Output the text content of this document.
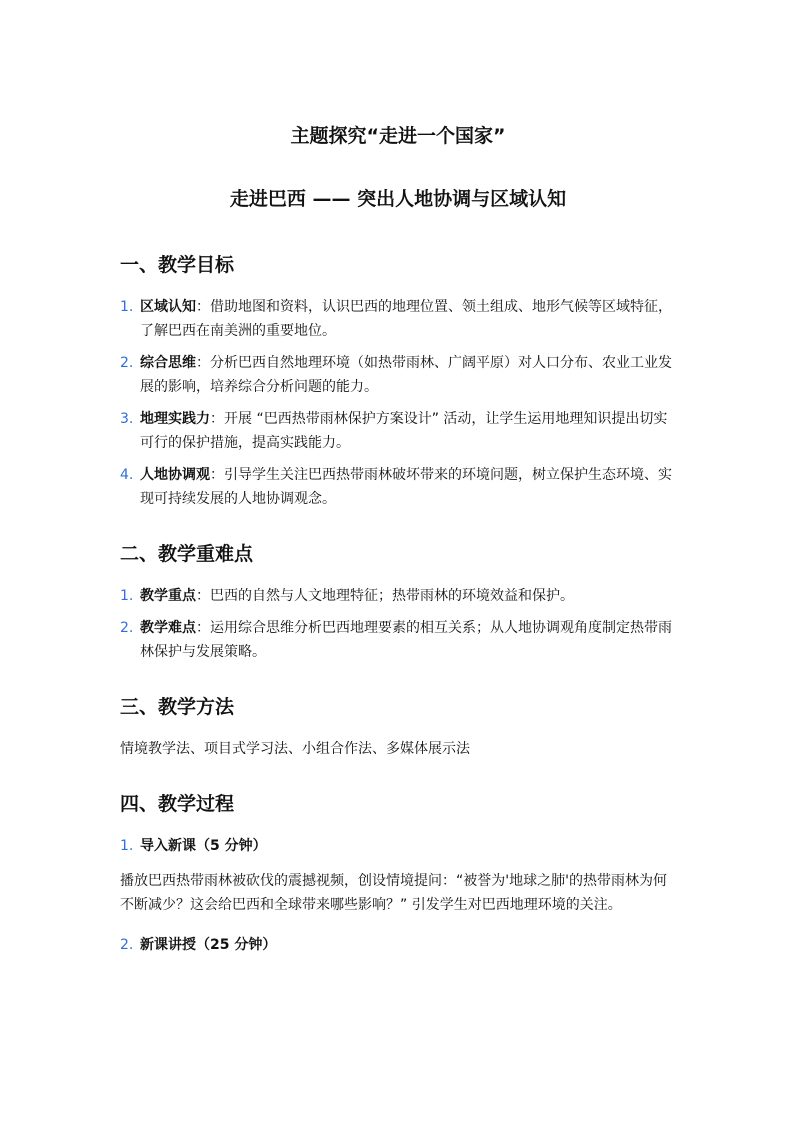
主题探究“走进一个国家”
走进巴西 —— 突出人地协调与区域认知
一、教学目标
1. 区域认知：借助地图和资料，认识巴西的地理位置、领土组成、地形气候等区域特征，了解巴西在南美洲的重要地位。
2. 综合思维：分析巴西自然地理环境（如热带雨林、广阔平原）对人口分布、农业工业发展的影响，培养综合分析问题的能力。
3. 地理实践力：开展 “巴西热带雨林保护方案设计” 活动，让学生运用地理知识提出切实可行的保护措施，提高实践能力。
4. 人地协调观：引导学生关注巴西热带雨林破坏带来的环境问题，树立保护生态环境、实现可持续发展的人地协调观念。
二、教学重难点
1. 教学重点：巴西的自然与人文地理特征；热带雨林的环境效益和保护。
2. 教学难点：运用综合思维分析巴西地理要素的相互关系；从人地协调观角度制定热带雨林保护与发展策略。
三、教学方法

情境教学法、项目式学习法、小组合作法、多媒体展示法

四、教学过程
1. 导入新课（5 分钟）
播放巴西热带雨林被砍伐的震撼视频，创设情境提问：“被誉为'地球之肺'的热带雨林为何不断减少？这会给巴西和全球带来哪些影响？” 引发学生对巴西地理环境的关注。
2. 新课讲授（25 分钟）
